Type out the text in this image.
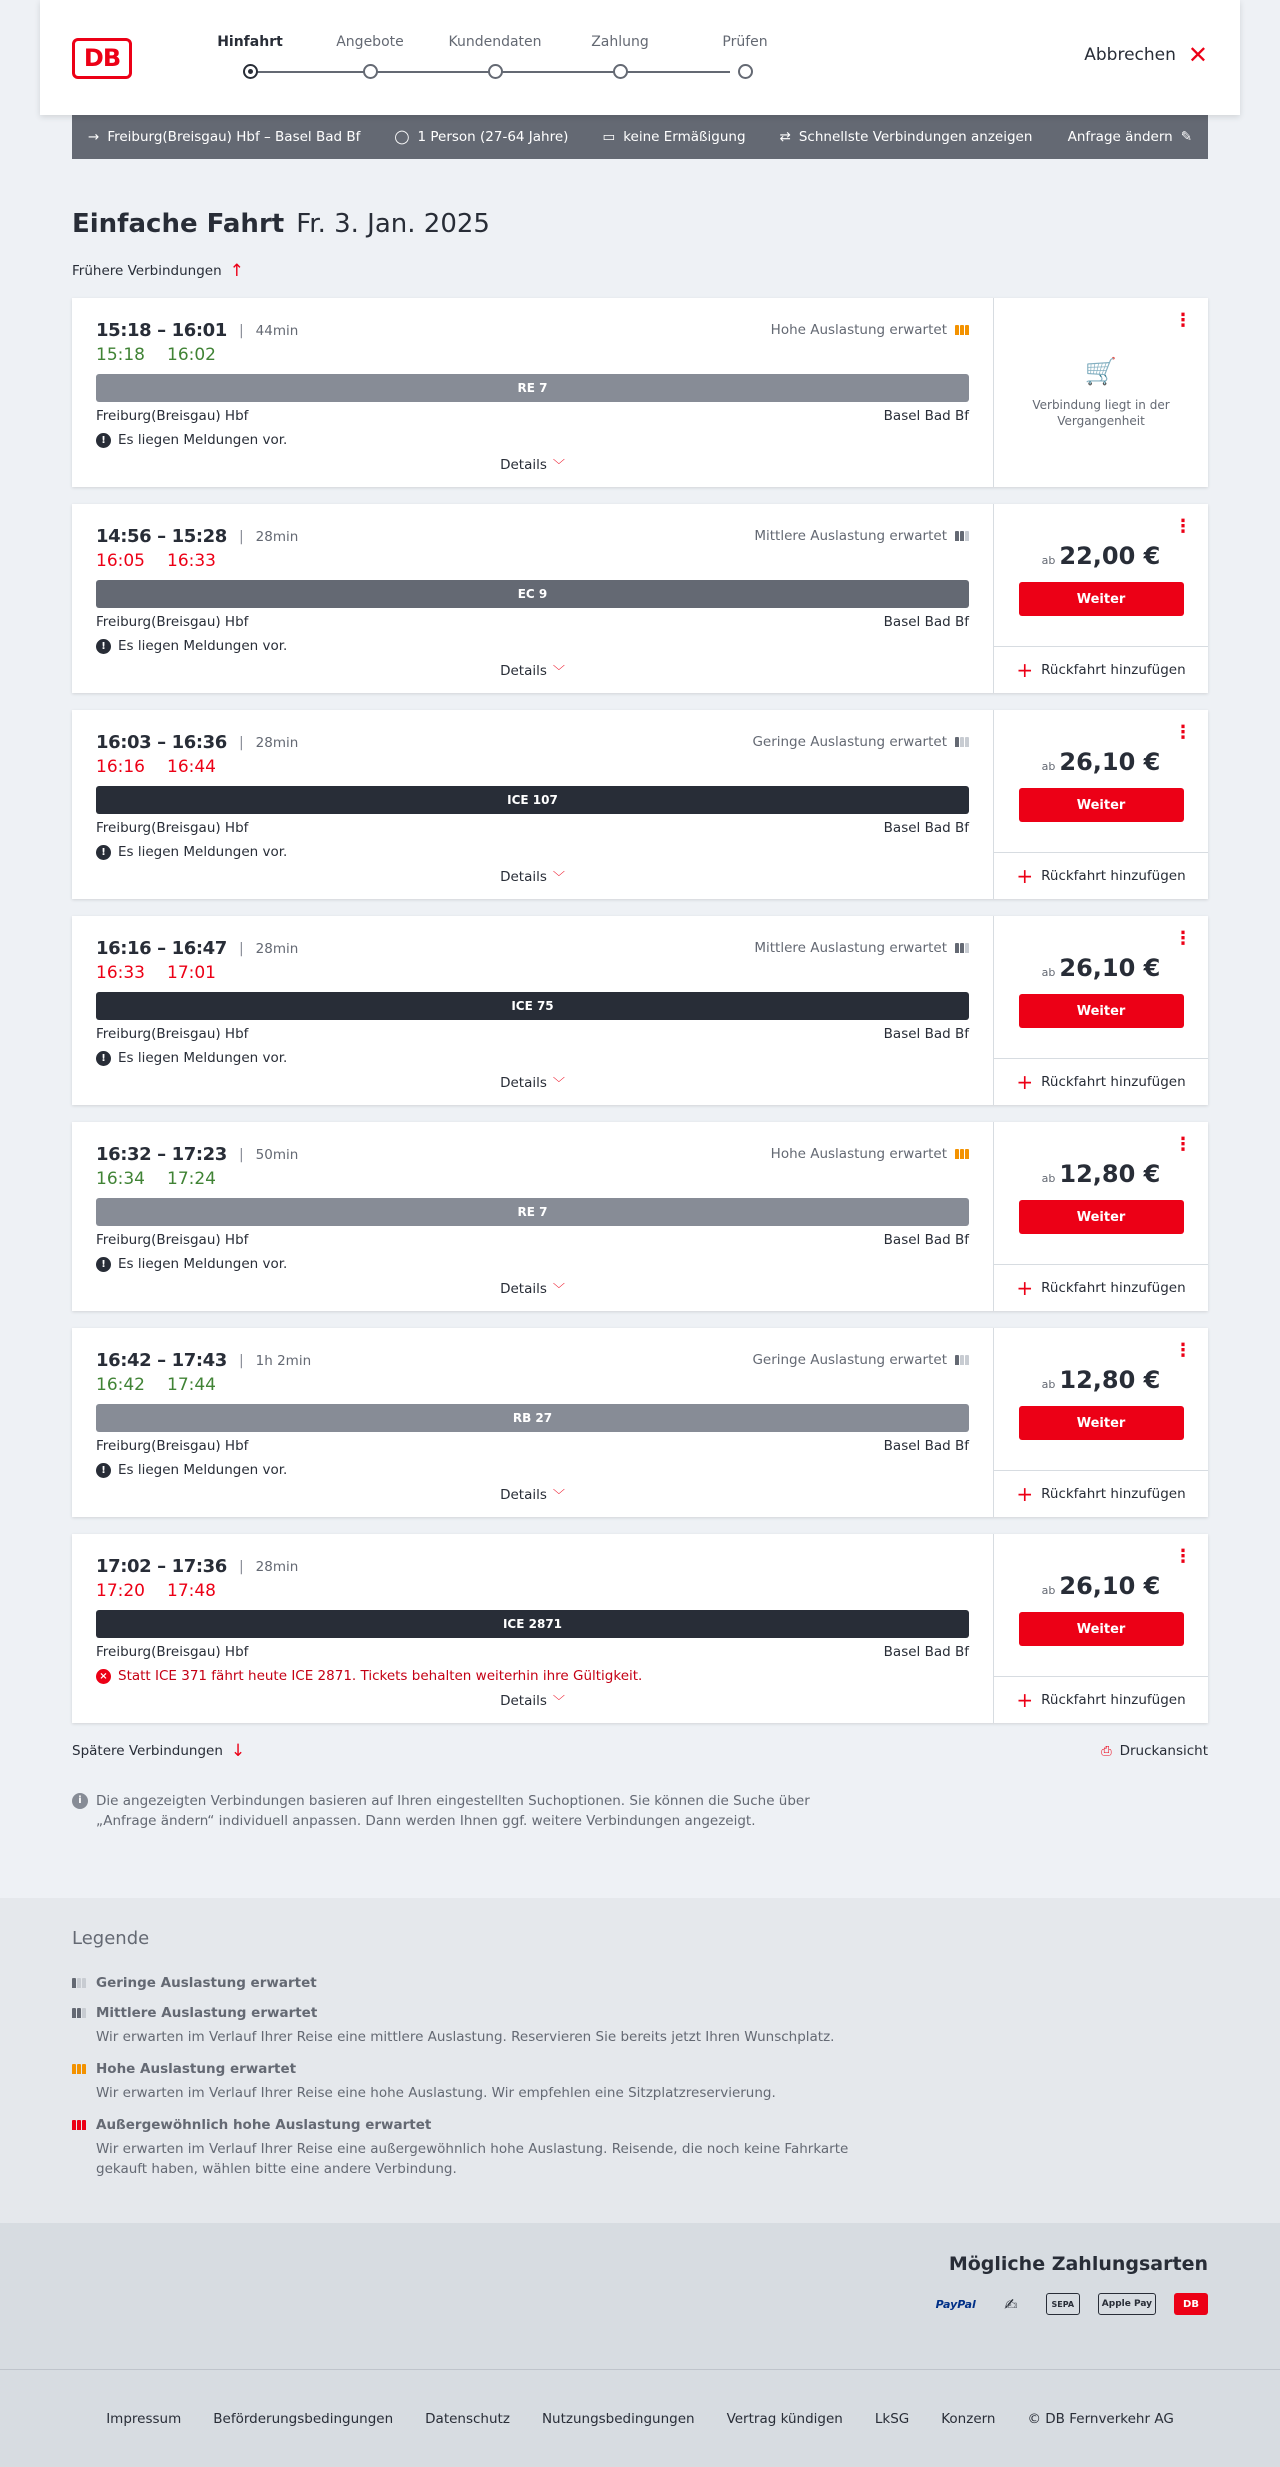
DB
Hinfahrt	Angebote	Kundendaten	Zahlung	Prüfen
Abbrechen ✕
→ Freiburg(Breisgau) Hbf – Basel Bad Bf	◯ 1 Person (27-64 Jahre)	▭ keine Ermäßigung	⇄ Schnellste Verbindungen anzeigen	Anfrage ändern ✎
Einfache Fahrt Fr. 3. Jan. 2025
Frühere Verbindungen ↑
15:18 – 16:01 | 44min	Hohe Auslastung erwartet
15:18 16:02
RE 7
Freiburg(Breisgau) Hbf	Basel Bad Bf
! Es liegen Meldungen vor.
Details ﹀
⋮
🛒
Verbindung liegt in der Vergangenheit
14:56 – 15:28 | 28min	Mittlere Auslastung erwartet
16:05 16:33
EC 9
Freiburg(Breisgau) Hbf	Basel Bad Bf
! Es liegen Meldungen vor.
Details ﹀
⋮
ab 22,00 €
Weiter
+ Rückfahrt hinzufügen
16:03 – 16:36 | 28min	Geringe Auslastung erwartet
16:16 16:44
ICE 107
Freiburg(Breisgau) Hbf	Basel Bad Bf
! Es liegen Meldungen vor.
Details ﹀
⋮
ab 26,10 €
Weiter
+ Rückfahrt hinzufügen
16:16 – 16:47 | 28min	Mittlere Auslastung erwartet
16:33 17:01
ICE 75
Freiburg(Breisgau) Hbf	Basel Bad Bf
! Es liegen Meldungen vor.
Details ﹀
⋮
ab 26,10 €
Weiter
+ Rückfahrt hinzufügen
16:32 – 17:23 | 50min	Hohe Auslastung erwartet
16:34 17:24
RE 7
Freiburg(Breisgau) Hbf	Basel Bad Bf
! Es liegen Meldungen vor.
Details ﹀
⋮
ab 12,80 €
Weiter
+ Rückfahrt hinzufügen
16:42 – 17:43 | 1h 2min	Geringe Auslastung erwartet
16:42 17:44
RB 27
Freiburg(Breisgau) Hbf	Basel Bad Bf
! Es liegen Meldungen vor.
Details ﹀
⋮
ab 12,80 €
Weiter
+ Rückfahrt hinzufügen
17:02 – 17:36 | 28min
17:20 17:48
ICE 2871
Freiburg(Breisgau) Hbf	Basel Bad Bf
× Statt ICE 371 fährt heute ICE 2871. Tickets behalten weiterhin ihre Gültigkeit.
Details ﹀
⋮
ab 26,10 €
Weiter
+ Rückfahrt hinzufügen
Spätere Verbindungen ↓	⎙ Druckansicht
i	Die angezeigten Verbindungen basieren auf Ihren eingestellten Suchoptionen. Sie können die Suche über „Anfrage ändern“ individuell anpassen. Dann werden Ihnen ggf. weitere Verbindungen angezeigt.
Legende
Geringe Auslastung erwartet
Mittlere Auslastung erwartet
Wir erwarten im Verlauf Ihrer Reise eine mittlere Auslastung. Reservieren Sie bereits jetzt Ihren Wunschplatz.
Hohe Auslastung erwartet
Wir erwarten im Verlauf Ihrer Reise eine hohe Auslastung. Wir empfehlen eine Sitzplatzreservierung.
Außergewöhnlich hohe Auslastung erwartet
Wir erwarten im Verlauf Ihrer Reise eine außergewöhnlich hohe Auslastung. Reisende, die noch keine Fahrkarte gekauft haben, wählen bitte eine andere Verbindung.
Mögliche Zahlungsarten
PayPal	✍	SEPA	Apple Pay	DB
Impressum Beförderungsbedingungen Datenschutz Nutzungsbedingungen Vertrag kündigen LkSG Konzern © DB Fernverkehr AG
